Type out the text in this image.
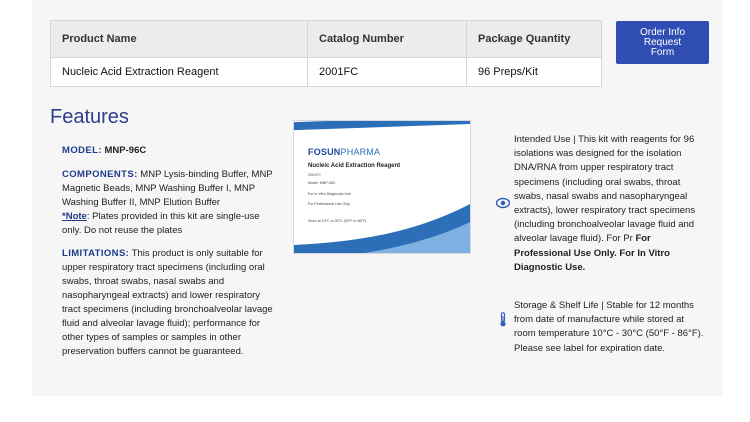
Product Name	Catalog Number	Package Quantity
Nucleic Acid Extraction Reagent	2001FC	96 Preps/Kit
Order Info
Request
Form
Features

MODEL: MNP-96C

COMPONENTS: MNP Lysis-binding Buffer, MNP Magnetic Beads, MNP Washing Buffer I, MNP Washing Buffer II, MNP Elution Buffer

*Note: Plates provided in this kit are single-use only. Do not reuse the plates

LIMITATIONS: This product is only suitable for upper respiratory tract specimens (including oral swabs, throat swabs, nasal swabs and nasopharyngeal extracts) and lower respiratory tract specimens (including bronchoalveolar lavage fluid and alveolar lavage fluid); performance for other types of samples or samples in other preservation buffers cannot be guaranteed.

FOSUNPHARMA
Nucleic Acid Extraction Reagent
2001FC
Model: MNP-96C
For In Vitro Diagnostic Use
For Professional Use Only
Store at 10°C to 30°C (50°F to 86°F)

Intended Use | This kit with reagents for 96 isolations was designed for the isolation DNA/RNA from upper respiratory tract specimens (including oral swabs, throat swabs, nasal swabs and nasopharyngeal extracts), lower respiratory tract specimens (including bronchoalveolar lavage fluid and alveolar lavage fluid). For Pr For Professional Use Only. For In Vitro Diagnostic Use.

Storage & Shelf Life | Stable for 12 months from date of manufacture while stored at room temperature 10°C - 30°C (50°F - 86°F). Please see label for expiration date.
